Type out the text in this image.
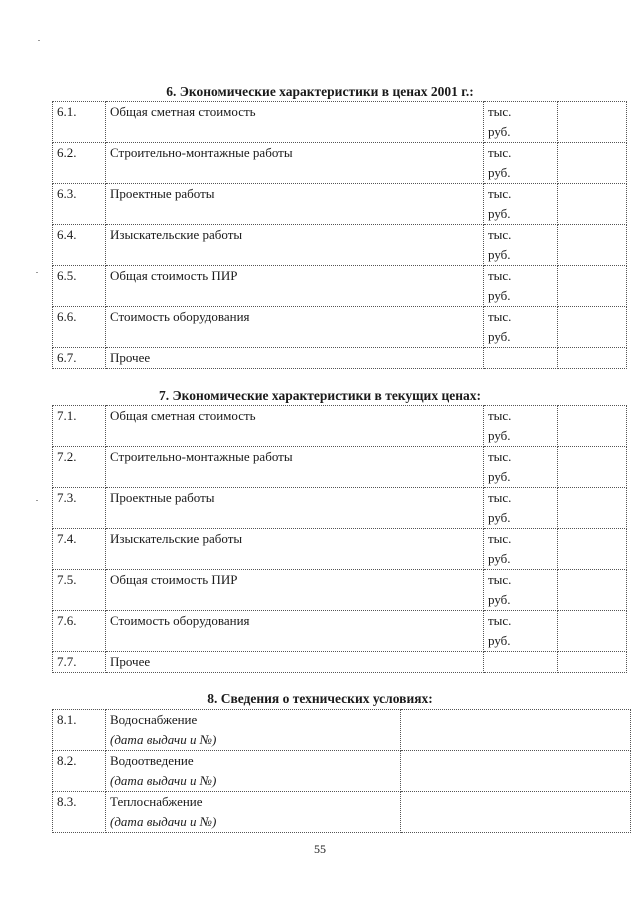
6. Экономические характеристики в ценах 2001 г.:
6.1.	Общая сметная стоимость	тыс.
руб.	

6.2.	Строительно-монтажные работы	тыс.
руб.	

6.3.	Проектные работы	тыс.
руб.	

6.4.	Изыскательские работы	тыс.
руб.	

6.5.	Общая стоимость ПИР	тыс.
руб.	

6.6.	Стоимость оборудования	тыс.
руб.	

6.7.	Прочее		
7. Экономические характеристики в текущих ценах:
7.1.	Общая сметная стоимость	тыс.
руб.	

7.2.	Строительно-монтажные работы	тыс.
руб.	

7.3.	Проектные работы	тыс.
руб.	

7.4.	Изыскательские работы	тыс.
руб.	

7.5.	Общая стоимость ПИР	тыс.
руб.	

7.6.	Стоимость оборудования	тыс.
руб.	

7.7.	Прочее		
8. Сведения о технических условиях:
8.1.	Водоснабжение
(дата выдачи и №)	

8.2.	Водоотведение
(дата выдачи и №)	

8.3.	Теплоснабжение
(дата выдачи и №)	

55
